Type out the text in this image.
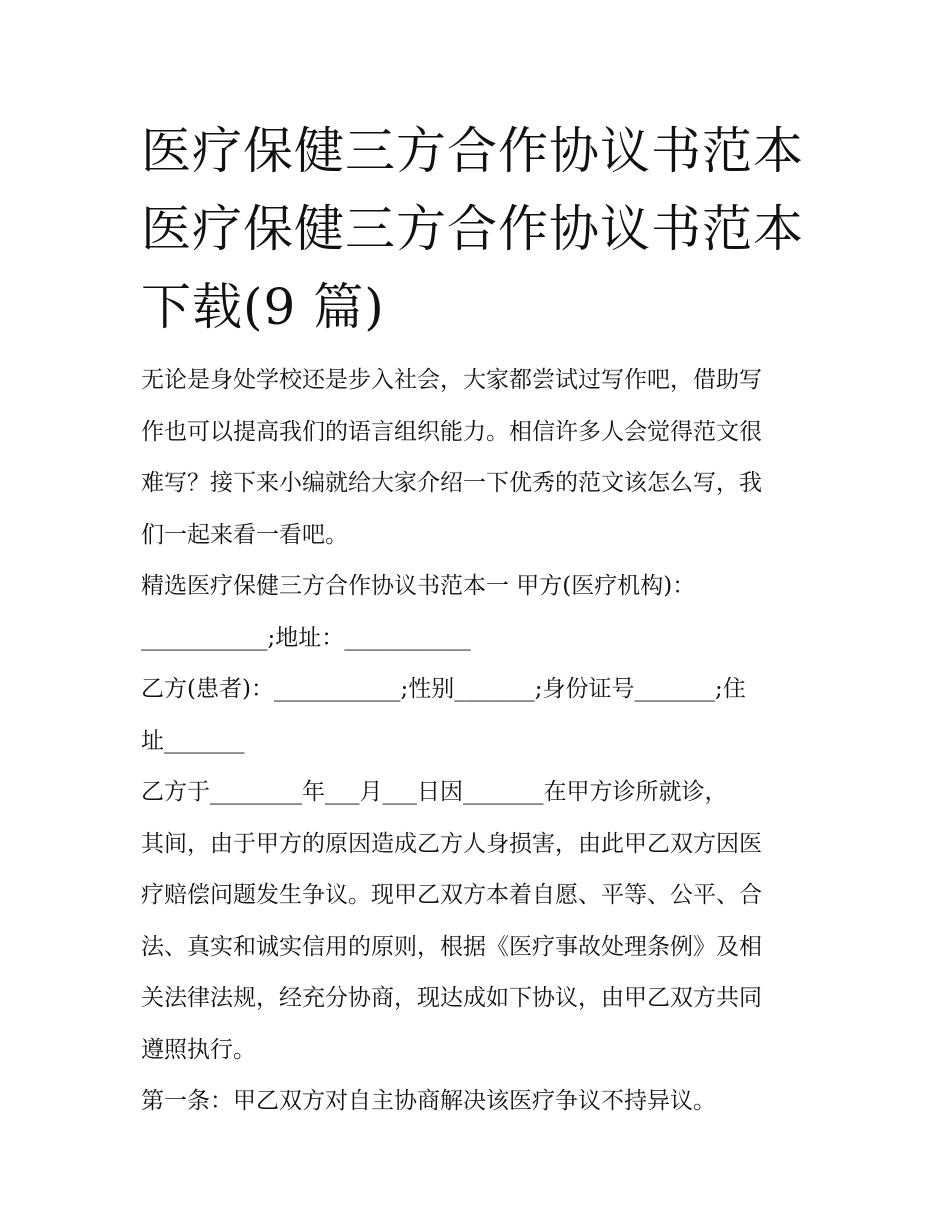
医疗保健三方合作协议书范本
医疗保健三方合作协议书范本
下载(9 篇)
无论是身处学校还是步入社会，大家都尝试过写作吧，借助写
作也可以提高我们的语言组织能力。相信许多人会觉得范文很
难写？接下来小编就给大家介绍一下优秀的范文该怎么写，我
们一起来看一看吧。
精选医疗保健三方合作协议书范本一 甲方(医疗机构)：
___________;地址：___________
乙方(患者)：___________;性别_______;身份证号_______;住
址_______
乙方于________年___月___日因_______在甲方诊所就诊，
其间，由于甲方的原因造成乙方人身损害，由此甲乙双方因医
疗赔偿问题发生争议。现甲乙双方本着自愿、平等、公平、合
法、真实和诚实信用的原则，根据《医疗事故处理条例》及相
关法律法规，经充分协商，现达成如下协议，由甲乙双方共同
遵照执行。
第一条：甲乙双方对自主协商解决该医疗争议不持异议。
